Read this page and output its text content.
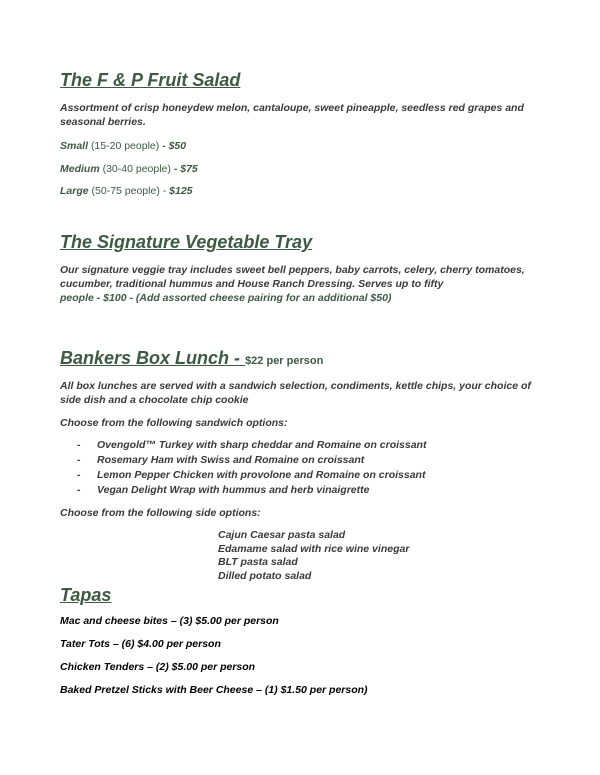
The F & P Fruit Salad

Assortment of crisp honeydew melon, cantaloupe, sweet pineapple, seedless red grapes and seasonal berries.

Small (15-20 people) - $50

Medium (30-40 people) - $75

Large (50-75 people) - $125

The Signature Vegetable Tray

Our signature veggie tray includes sweet bell peppers, baby carrots, celery, cherry tomatoes, cucumber, traditional hummus and House Ranch Dressing. Serves up to fifty

people - $100 - (Add assorted cheese pairing for an additional $50)

Bankers Box Lunch - $22 per person

All box lunches are served with a sandwich selection, condiments, kettle chips, your choice of side dish and a chocolate chip cookie

Choose from the following sandwich options:

- Ovengold™ Turkey with sharp cheddar and Romaine on croissant

- Rosemary Ham with Swiss and Romaine on croissant

- Lemon Pepper Chicken with provolone and Romaine on croissant

- Vegan Delight Wrap with hummus and herb vinaigrette

Choose from the following side options:

Cajun Caesar pasta salad

Edamame salad with rice wine vinegar

BLT pasta salad

Dilled potato salad

Tapas

Mac and cheese bites – (3) $5.00 per person

Tater Tots – (6) $4.00 per person

Chicken Tenders – (2) $5.00 per person

Baked Pretzel Sticks with Beer Cheese – (1) $1.50 per person)
